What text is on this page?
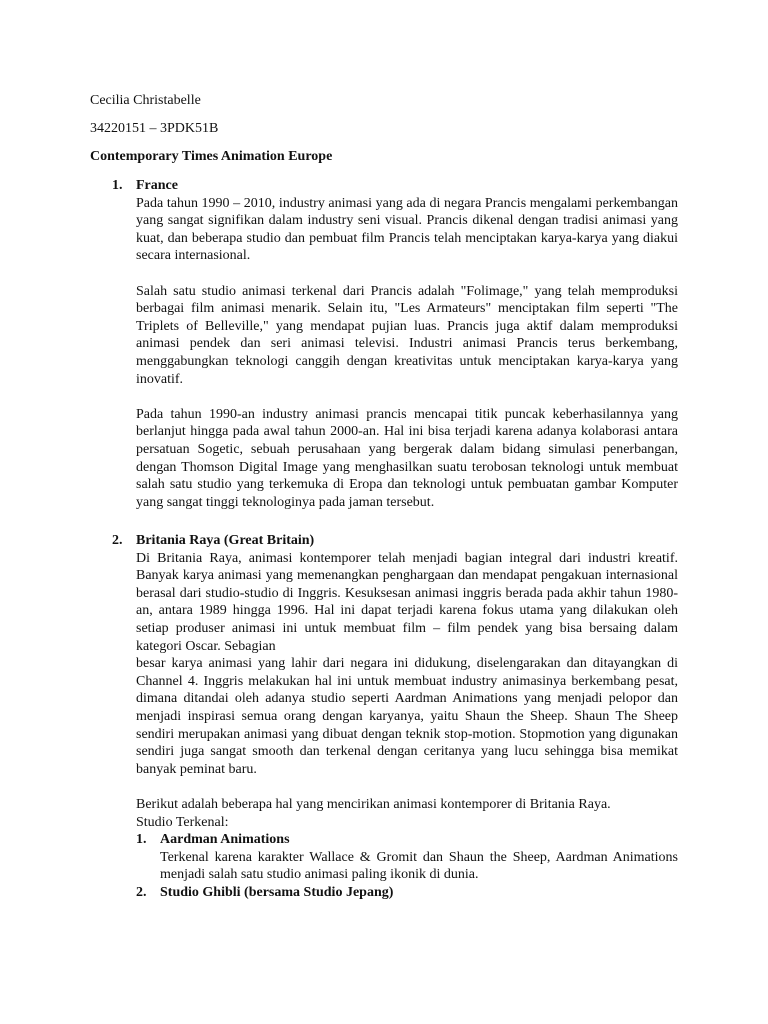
Cecilia Christabelle
34220151 – 3PDK51B
Contemporary Times Animation Europe
1. France

Pada tahun 1990 – 2010, industry animasi yang ada di negara Prancis mengalami perkembangan yang sangat signifikan dalam industry seni visual. Prancis dikenal dengan tradisi animasi yang kuat, dan beberapa studio dan pembuat film Prancis telah menciptakan karya-karya yang diakui secara internasional.

Salah satu studio animasi terkenal dari Prancis adalah "Folimage," yang telah memproduksi berbagai film animasi menarik. Selain itu, "Les Armateurs" menciptakan film seperti "The Triplets of Belleville," yang mendapat pujian luas. Prancis juga aktif dalam memproduksi animasi pendek dan seri animasi televisi. Industri animasi Prancis terus berkembang, menggabungkan teknologi canggih dengan kreativitas untuk menciptakan karya-karya yang inovatif.

Pada tahun 1990-an industry animasi prancis mencapai titik puncak keberhasilannya yang berlanjut hingga pada awal tahun 2000-an. Hal ini bisa terjadi karena adanya kolaborasi antara persatuan Sogetic, sebuah perusahaan yang bergerak dalam bidang simulasi penerbangan, dengan Thomson Digital Image yang menghasilkan suatu terobosan teknologi untuk membuat salah satu studio yang terkemuka di Eropa dan teknologi untuk pembuatan gambar Komputer yang sangat tinggi teknologinya pada jaman tersebut.

2. Britania Raya (Great Britain)

Di Britania Raya, animasi kontemporer telah menjadi bagian integral dari industri kreatif. Banyak karya animasi yang memenangkan penghargaan dan mendapat pengakuan internasional berasal dari studio-studio di Inggris. Kesuksesan animasi inggris berada pada akhir tahun 1980-an, antara 1989 hingga 1996. Hal ini dapat terjadi karena fokus utama yang dilakukan oleh setiap produser animasi ini untuk membuat film – film pendek yang bisa bersaing dalam kategori Oscar. Sebagian

besar karya animasi yang lahir dari negara ini didukung, diselengarakan dan ditayangkan di Channel 4. Inggris melakukan hal ini untuk membuat industry animasinya berkembang pesat, dimana ditandai oleh adanya studio seperti Aardman Animations yang menjadi pelopor dan menjadi inspirasi semua orang dengan karyanya, yaitu Shaun the Sheep. Shaun The Sheep sendiri merupakan animasi yang dibuat dengan teknik stop-motion. Stopmotion yang digunakan sendiri juga sangat smooth dan terkenal dengan ceritanya yang lucu sehingga bisa memikat banyak peminat baru.

Berikut adalah beberapa hal yang mencirikan animasi kontemporer di Britania Raya.
Studio Terkenal:
1. Aardman Animations
Terkenal karena karakter Wallace & Gromit dan Shaun the Sheep, Aardman Animations menjadi salah satu studio animasi paling ikonik di dunia.
2. Studio Ghibli (bersama Studio Jepang)
